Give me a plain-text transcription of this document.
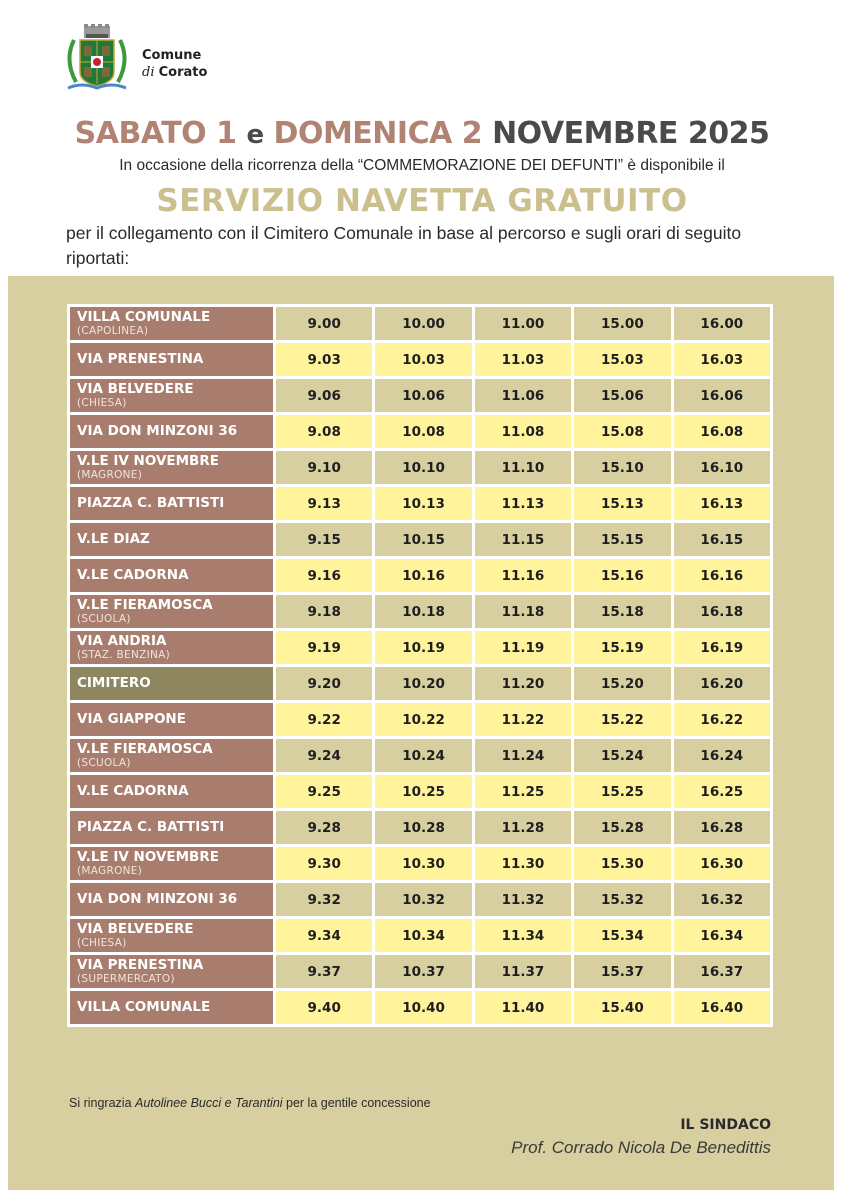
Comune
di Corato
SABATO 1 e DOMENICA 2 NOVEMBRE 2025
In occasione della ricorrenza della “COMMEMORAZIONE DEI DEFUNTI” è disponibile il
SERVIZIO NAVETTA GRATUITO
per il collegamento con il Cimitero Comunale in base al percorso e sugli orari di seguito riportati:
VILLA COMUNALE
(CAPOLINEA)	9.00	10.00	11.00	15.00	16.00
VIA PRENESTINA	9.03	10.03	11.03	15.03	16.03
VIA BELVEDERE
(CHIESA)	9.06	10.06	11.06	15.06	16.06
VIA DON MINZONI 36	9.08	10.08	11.08	15.08	16.08
V.LE IV NOVEMBRE
(MAGRONE)	9.10	10.10	11.10	15.10	16.10
PIAZZA C. BATTISTI	9.13	10.13	11.13	15.13	16.13
V.LE DIAZ	9.15	10.15	11.15	15.15	16.15
V.LE CADORNA	9.16	10.16	11.16	15.16	16.16
V.LE FIERAMOSCA
(SCUOLA)	9.18	10.18	11.18	15.18	16.18
VIA ANDRIA
(STAZ. BENZINA)	9.19	10.19	11.19	15.19	16.19
CIMITERO	9.20	10.20	11.20	15.20	16.20
VIA GIAPPONE	9.22	10.22	11.22	15.22	16.22
V.LE FIERAMOSCA
(SCUOLA)	9.24	10.24	11.24	15.24	16.24
V.LE CADORNA	9.25	10.25	11.25	15.25	16.25
PIAZZA C. BATTISTI	9.28	10.28	11.28	15.28	16.28
V.LE IV NOVEMBRE
(MAGRONE)	9.30	10.30	11.30	15.30	16.30
VIA DON MINZONI 36	9.32	10.32	11.32	15.32	16.32
VIA BELVEDERE
(CHIESA)	9.34	10.34	11.34	15.34	16.34
VIA PRENESTINA
(SUPERMERCATO)	9.37	10.37	11.37	15.37	16.37
VILLA COMUNALE	9.40	10.40	11.40	15.40	16.40
Si ringrazia Autolinee Bucci e Tarantini per la gentile concessione
IL SINDACO
Prof. Corrado Nicola De Benedittis
